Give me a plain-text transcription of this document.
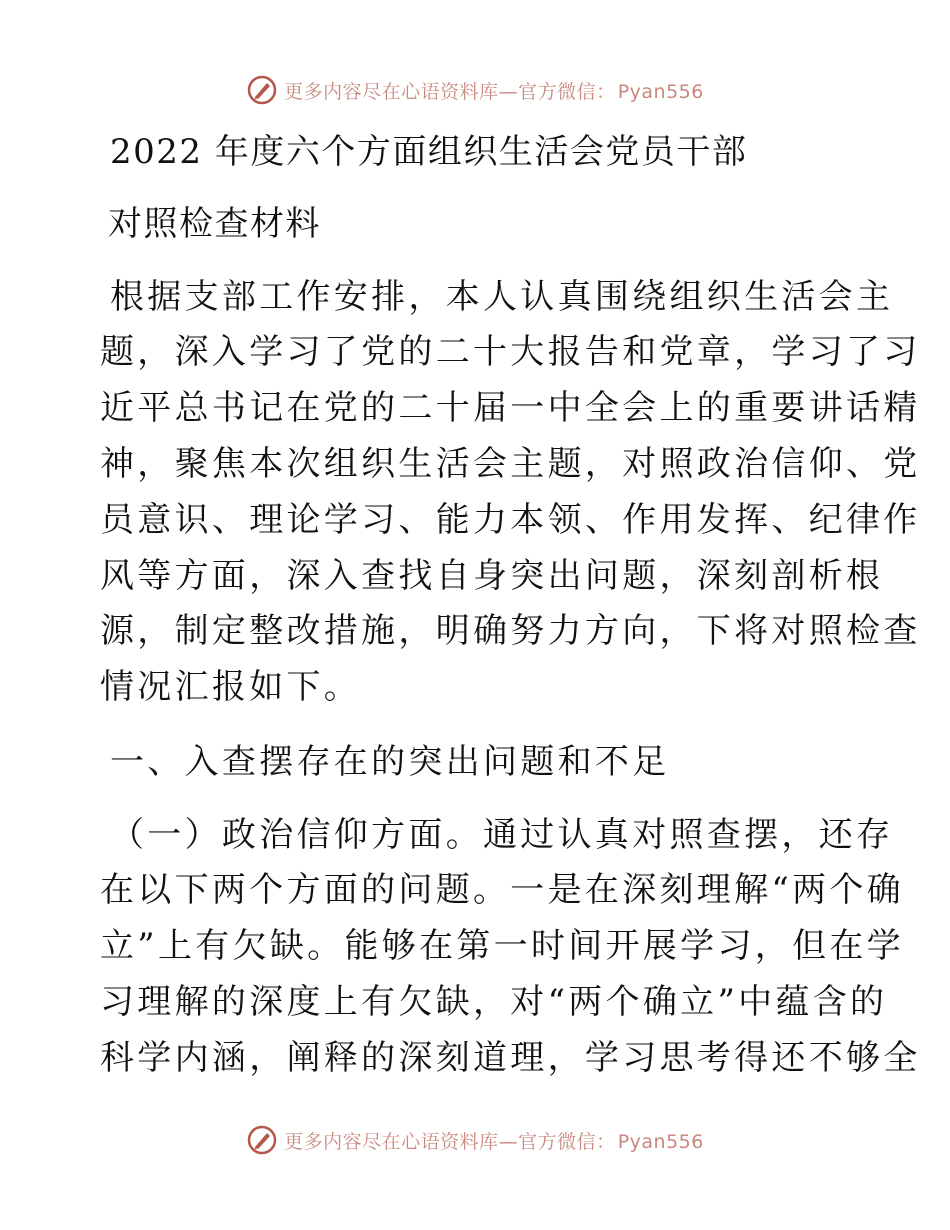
更多内容尽在心语资料库—官方微信： Pyan556
2022 年度六个方面组织生活会党员干部
对照检查材料
根据支部工作安排，本人认真围绕组织生活会主
题，深入学习了党的二十大报告和党章，学习了习
近平总书记在党的二十届一中全会上的重要讲话精
神，聚焦本次组织生活会主题，对照政治信仰、党
员意识、理论学习、能力本领、作用发挥、纪律作
风等方面，深入查找自身突出问题，深刻剖析根
源，制定整改措施，明确努力方向，下将对照检查
情况汇报如下。
一、入查摆存在的突出问题和不足
（一）政治信仰方面。通过认真对照查摆，还存
在以下两个方面的问题。一是在深刻理解“两个确
立”上有欠缺。能够在第一时间开展学习，但在学
习理解的深度上有欠缺，对“两个确立”中蕴含的
科学内涵，阐释的深刻道理，学习思考得还不够全
更多内容尽在心语资料库—官方微信： Pyan556
